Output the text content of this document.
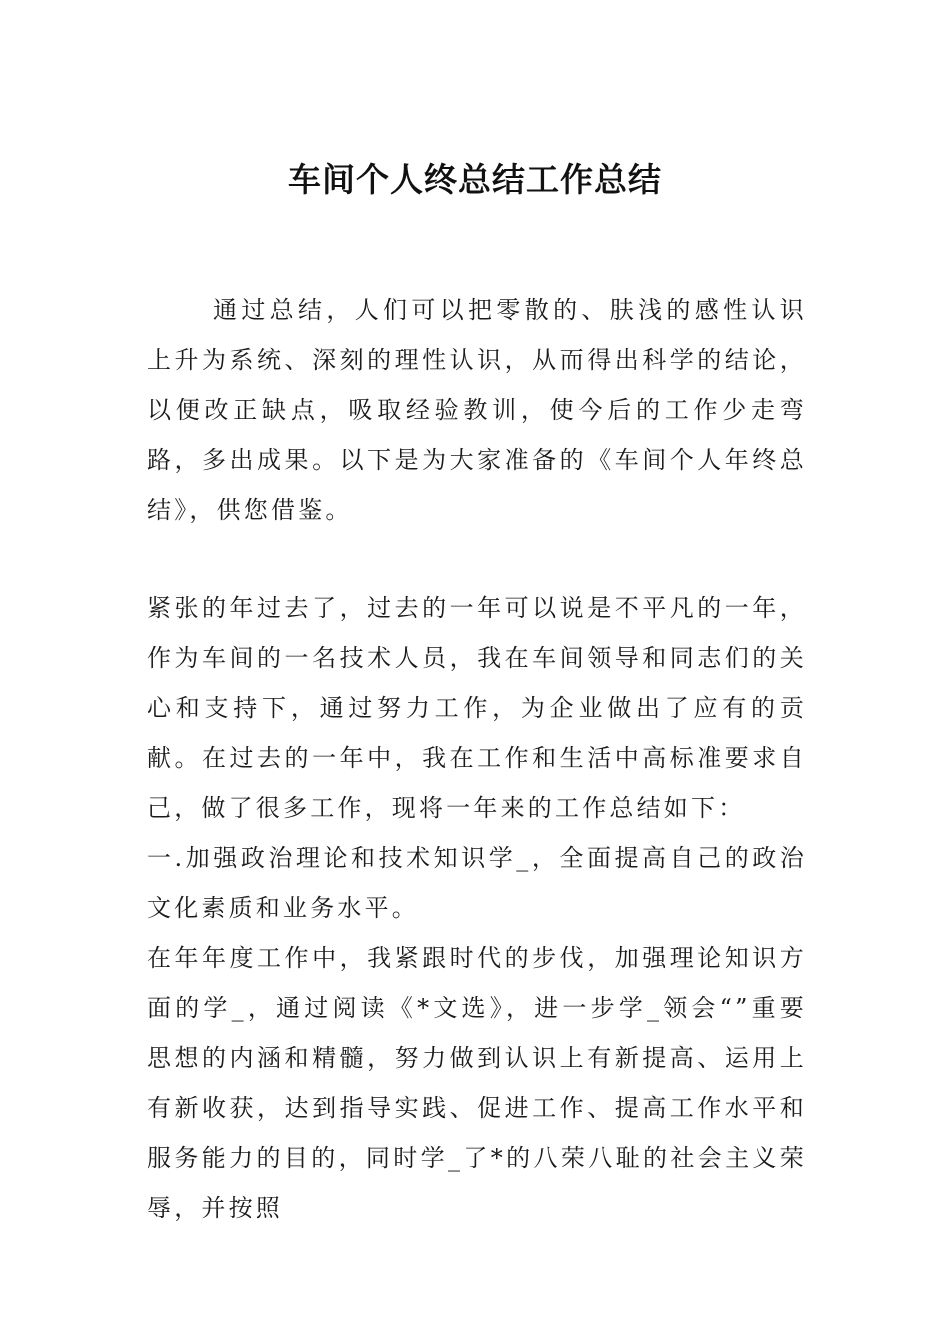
车间个人终总结工作总结

通过总结，人们可以把零散的、肤浅的感性认识上升为系统、深刻的理性认识，从而得出科学的结论，以便改正缺点，吸取经验教训，使今后的工作少走弯路，多出成果。以下是为大家准备的《车间个人年终总结》，供您借鉴。

紧张的年过去了，过去的一年可以说是不平凡的一年，作为车间的一名技术人员，我在车间领导和同志们的关心和支持下，通过努力工作，为企业做出了应有的贡献。在过去的一年中，我在工作和生活中高标准要求自己，做了很多工作，现将一年来的工作总结如下：

一.加强政治理论和技术知识学_，全面提高自己的政治文化素质和业务水平。

在年年度工作中，我紧跟时代的步伐，加强理论知识方面的学_，通过阅读《*文选》，进一步学_领会“”重要思想的内涵和精髓，努力做到认识上有新提高、运用上有新收获，达到指导实践、促进工作、提高工作水平和服务能力的目的，同时学_了*的八荣八耻的社会主义荣辱，并按照
